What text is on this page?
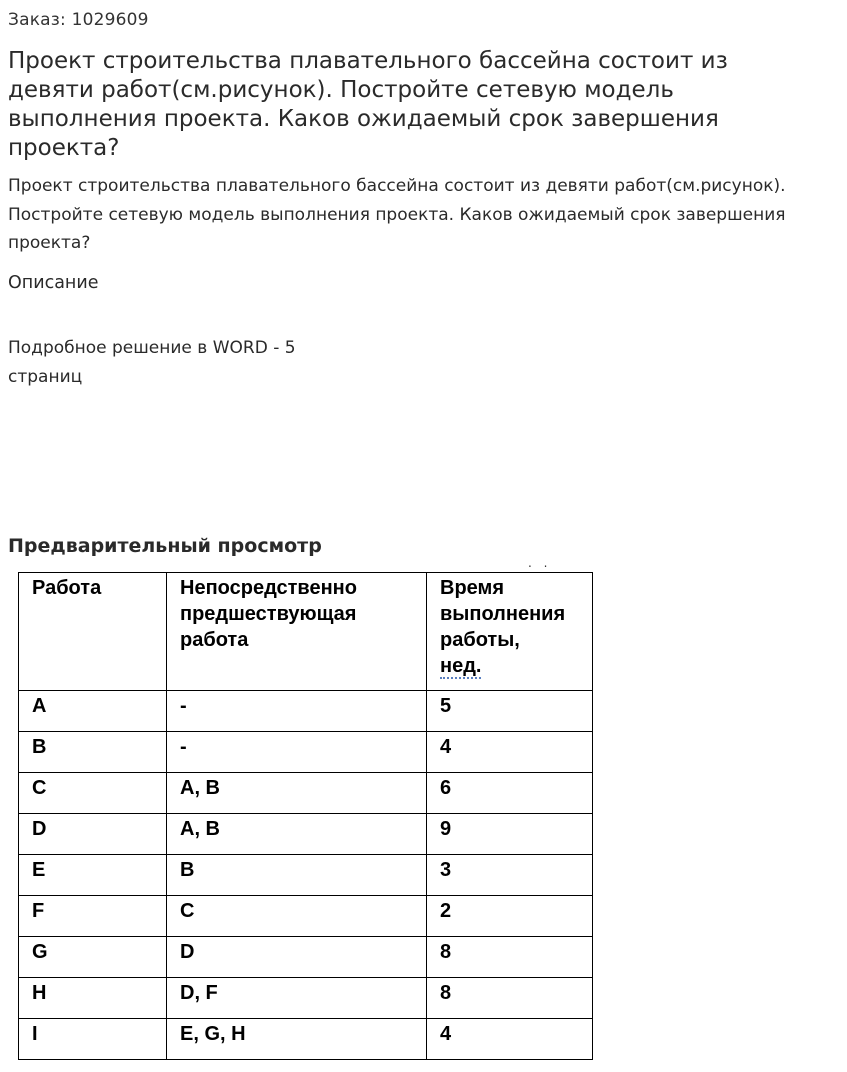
Заказ: 1029609
Проект строительства плавательного бассейна состоит из девяти работ(см.рисунок). Постройте сетевую модель выполнения проекта. Каков ожидаемый срок завершения проекта?

Проект строительства плавательного бассейна состоит из девяти работ(см.рисунок). Постройте сетевую модель выполнения проекта. Каков ожидаемый срок завершения проекта?

Описание

Подробное решение в WORD - 5 страниц

Предварительный просмотр
. .
Работа	Непосредственно предшествующая работа	Время выполнения работы,
нед.
A	-	5
B	-	4
C	A, B	6
D	A, B	9
E	B	3
F	C	2
G	D	8
H	D, F	8
I	E, G, H	4
